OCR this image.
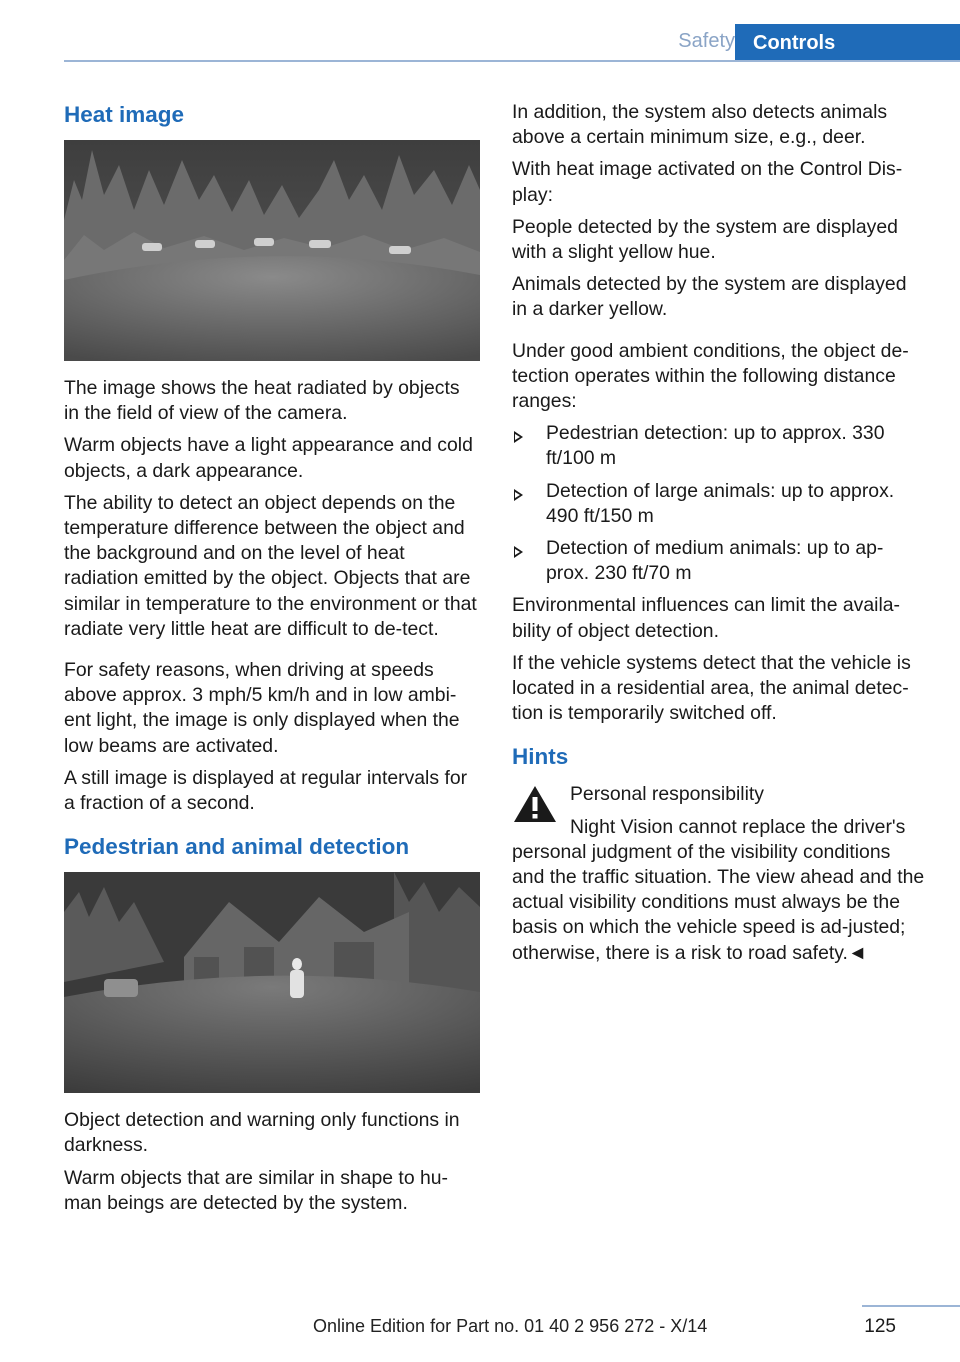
Safety Controls
Heat image

The image shows the heat radiated by objects in the field of view of the camera.

Warm objects have a light appearance and cold objects, a dark appearance.

The ability to detect an object depends on the temperature difference between the object and the background and on the level of heat radiation emitted by the object. Objects that are similar in temperature to the environment or that radiate very little heat are difficult to de-tect.

For safety reasons, when driving at speeds above approx. 3 mph/5 km/h and in low ambi-ent light, the image is only displayed when the low beams are activated.

A still image is displayed at regular intervals for a fraction of a second.

Pedestrian and animal detection

Object detection and warning only functions in darkness.

Warm objects that are similar in shape to hu-man beings are detected by the system.

In addition, the system also detects animals above a certain minimum size, e.g., deer.

With heat image activated on the Control Dis-play:

People detected by the system are displayed with a slight yellow hue.

Animals detected by the system are displayed in a darker yellow.

Under good ambient conditions, the object de-tection operates within the following distance ranges:

Pedestrian detection: up to approx. 330 ft/100 m
Detection of large animals: up to approx. 490 ft/150 m
Detection of medium animals: up to ap-prox. 230 ft/70 m

Environmental influences can limit the availa-bility of object detection.

If the vehicle systems detect that the vehicle is located in a residential area, the animal detec-tion is temporarily switched off.

Hints

Personal responsibility

Night Vision cannot replace the driver's personal judgment of the visibility conditions and the traffic situation. The view ahead and the actual visibility conditions must always be the basis on which the vehicle speed is ad-justed; otherwise, there is a risk to road safety.◄

125
Online Edition for Part no. 01 40 2 956 272 - X/14
